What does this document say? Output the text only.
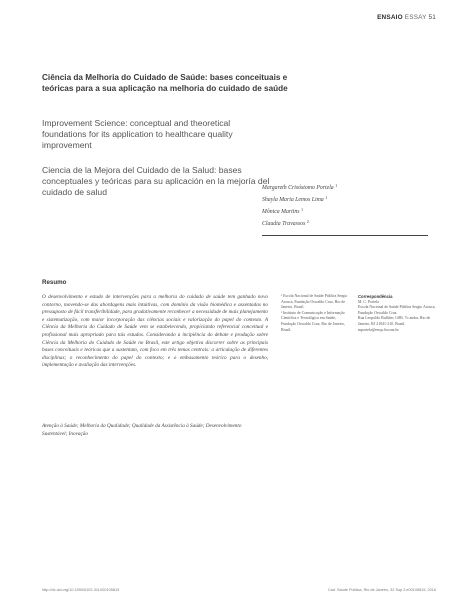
ENSAIO ESSAY 51
Ciência da Melhoria do Cuidado de Saúde: bases conceituais e teóricas para a sua aplicação na melhoria do cuidado de saúde
Improvement Science: conceptual and theoretical foundations for its application to healthcare quality improvement
Ciencia de la Mejora del Cuidado de la Salud: bases conceptuales y teóricas para su aplicación en la mejoría del cuidado de salud	Margareth Crisóstomo Portela $^1$
Shayla Maria Lemos Lima $^1$
Mônica Martins $^1$
Claudia Travassos $^2$
Resumo

O desenvolvimento e estudo de intervenções para a melhoria do cuidado de saúde tem ganhado novo contorno, movendo-se das abordagens mais intuitivas, com domínio da visão biomédica e assentadas no pressuposto de fácil transferibilidade, para gradativamente reconhecer a necessidade de mais planejamento e sistematização, com maior incorporação das ciências sociais e valorização do papel do contexto. A Ciência da Melhoria do Cuidado de Saúde vem se estabelecendo, propiciando referencial conceitual e profissional mais apropriado para tais estudos. Considerando a incipiência do debate e produção sobre Ciência da Melhoria do Cuidado de Saúde no Brasil, este artigo objetiva discorrer sobre as principais bases conceituais e teóricas que a sustentam, com foco em três temas centrais: a articulação de diferentes disciplinas; o reconhecimento do papel do contexto; e o embasamento teórico para o desenho, implementação e avaliação das intervenções.

Atenção à Saúde; Melhoria da Qualidade; Qualidade da Assistência à Saúde; Desenvolvimento Sustentável; Inovação

¹ Escola Nacional de Saúde Pública Sergio Arouca, Fundação Oswaldo Cruz, Rio de Janeiro, Brasil.
² Instituto de Comunicação e Informação Científica e Tecnológica em Saúde, Fundação Oswaldo Cruz, Rio de Janeiro, Brasil.
Correspondência
M. C. Portela
Escola Nacional de Saúde Pública Sergio Arouca, Fundação Oswaldo Cruz.
Rua Leopoldo Bulhões 1480, 7o andar, Rio de Janeiro, RJ 21041-210, Brasil.
mportela@ensp.fiocruz.br
http://dx.doi.org/10.1590/0102-311X00105815	Cad. Saúde Pública, Rio de Janeiro, 32 Sup 2:e00105815, 2016
